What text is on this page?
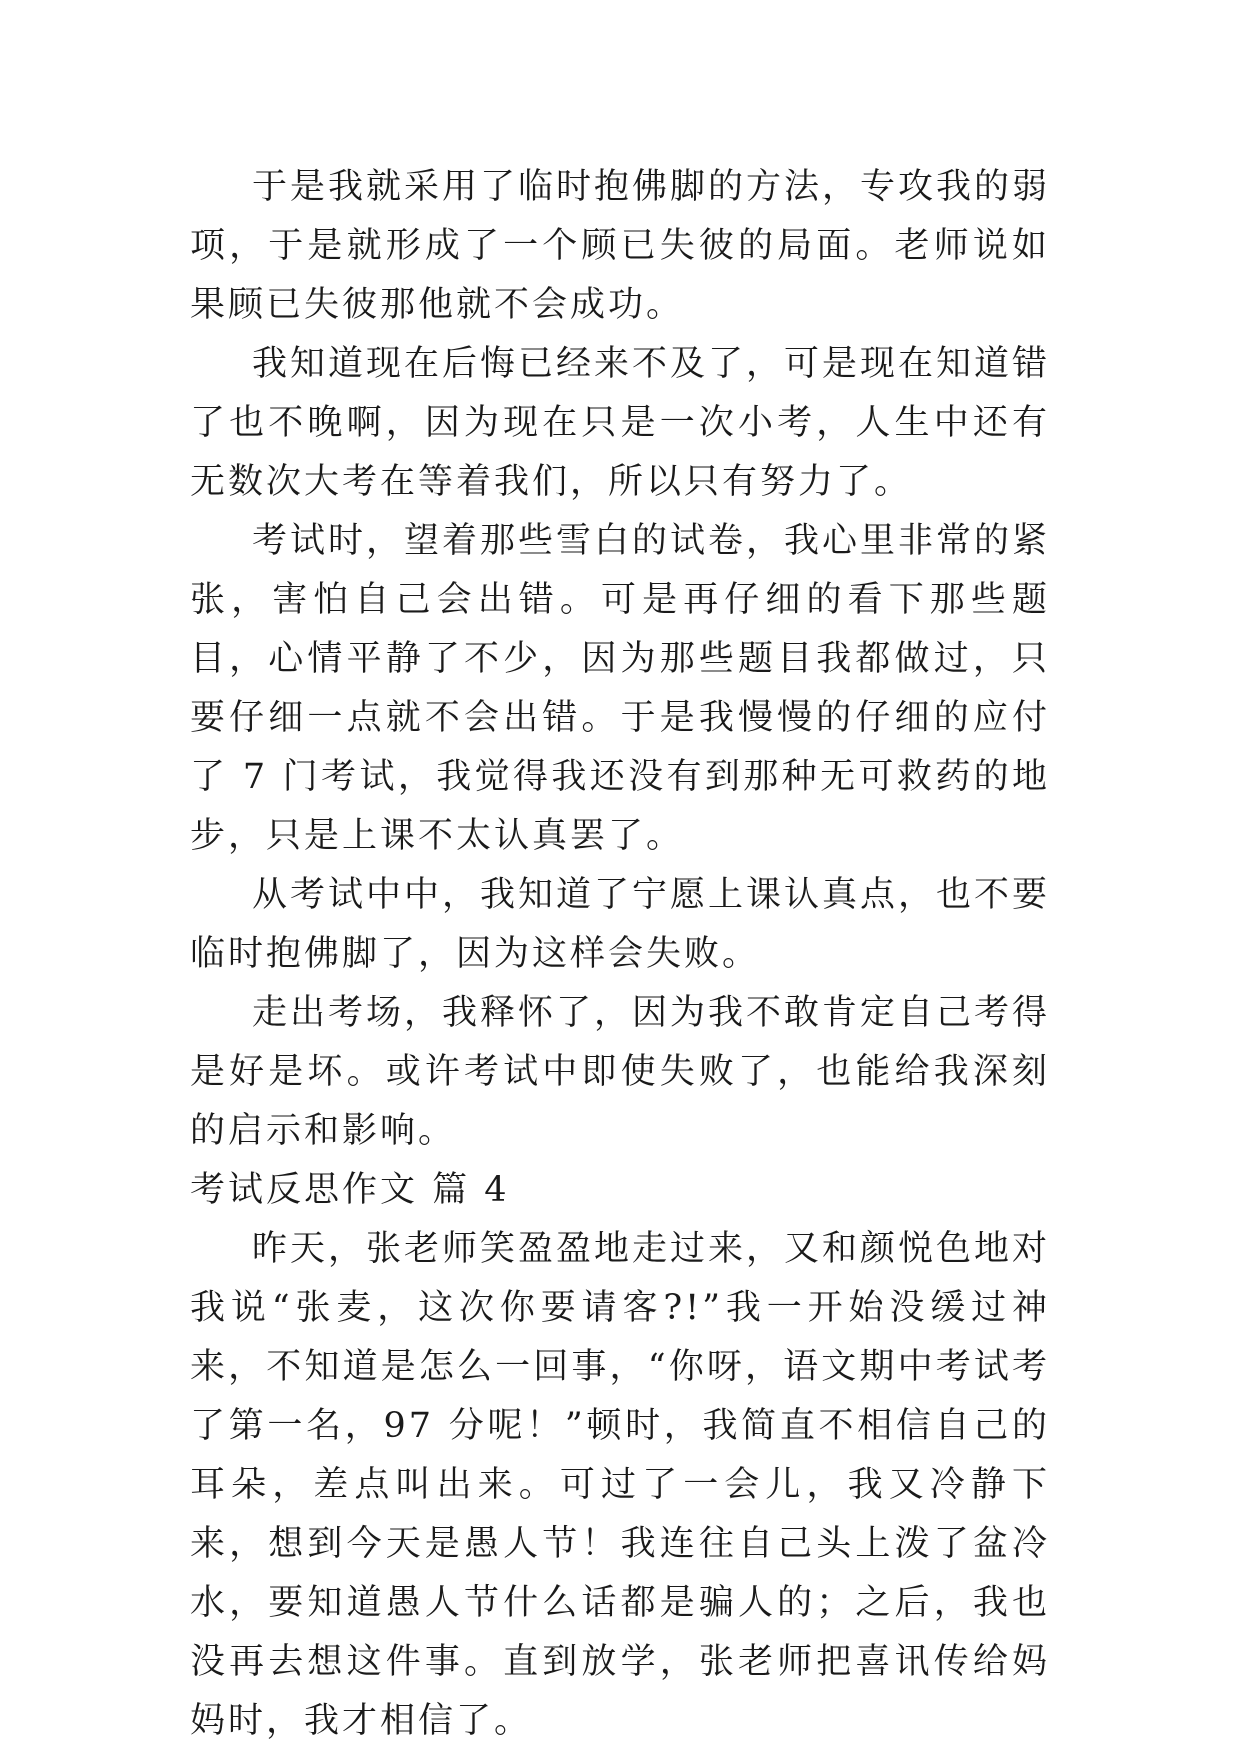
于是我就采用了临时抱佛脚的方法，专攻我的弱项，于是就形成了一个顾已失彼的局面。老师说如果顾已失彼那他就不会成功。

我知道现在后悔已经来不及了，可是现在知道错了也不晚啊，因为现在只是一次小考，人生中还有无数次大考在等着我们，所以只有努力了。

考试时，望着那些雪白的试卷，我心里非常的紧张，害怕自己会出错。可是再仔细的看下那些题目，心情平静了不少，因为那些题目我都做过，只要仔细一点就不会出错。于是我慢慢的仔细的应付了 7 门考试，我觉得我还没有到那种无可救药的地步，只是上课不太认真罢了。

从考试中中，我知道了宁愿上课认真点，也不要临时抱佛脚了，因为这样会失败。

走出考场，我释怀了，因为我不敢肯定自己考得是好是坏。或许考试中即使失败了，也能给我深刻的启示和影响。

考试反思作文 篇 4

昨天，张老师笑盈盈地走过来，又和颜悦色地对我说“张麦，这次你要请客?!”我一开始没缓过神来，不知道是怎么一回事，“你呀，语文期中考试考了第一名，97 分呢！”顿时，我简直不相信自己的耳朵，差点叫出来。可过了一会儿，我又冷静下来，想到今天是愚人节！我连往自己头上泼了盆冷水，要知道愚人节什么话都是骗人的；之后，我也没再去想这件事。直到放学，张老师把喜讯传给妈妈时，我才相信了。
